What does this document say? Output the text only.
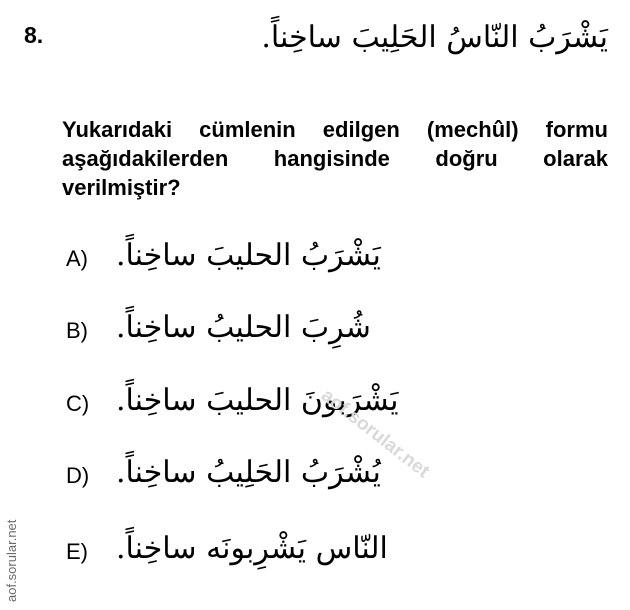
8.	يَشْرَبُ النّاسُ الحَلِيبَ ساخِناً.
Yukarıdaki cümlenin edilgen (mechûl) formu aşağıdakilerden hangisinde doğru olarak verilmiştir?
A) يَشْرَبُ الحليبَ ساخِناً.
B) شُرِبَ الحليبُ ساخِناً.
C) يَشْرَبونَ الحليبَ ساخِناً.
D) يُشْرَبُ الحَلِيبُ ساخِناً.
E) النّاس يَشْرِبونَه ساخِناً.
aof.sorular.net
aof.sorular.net
